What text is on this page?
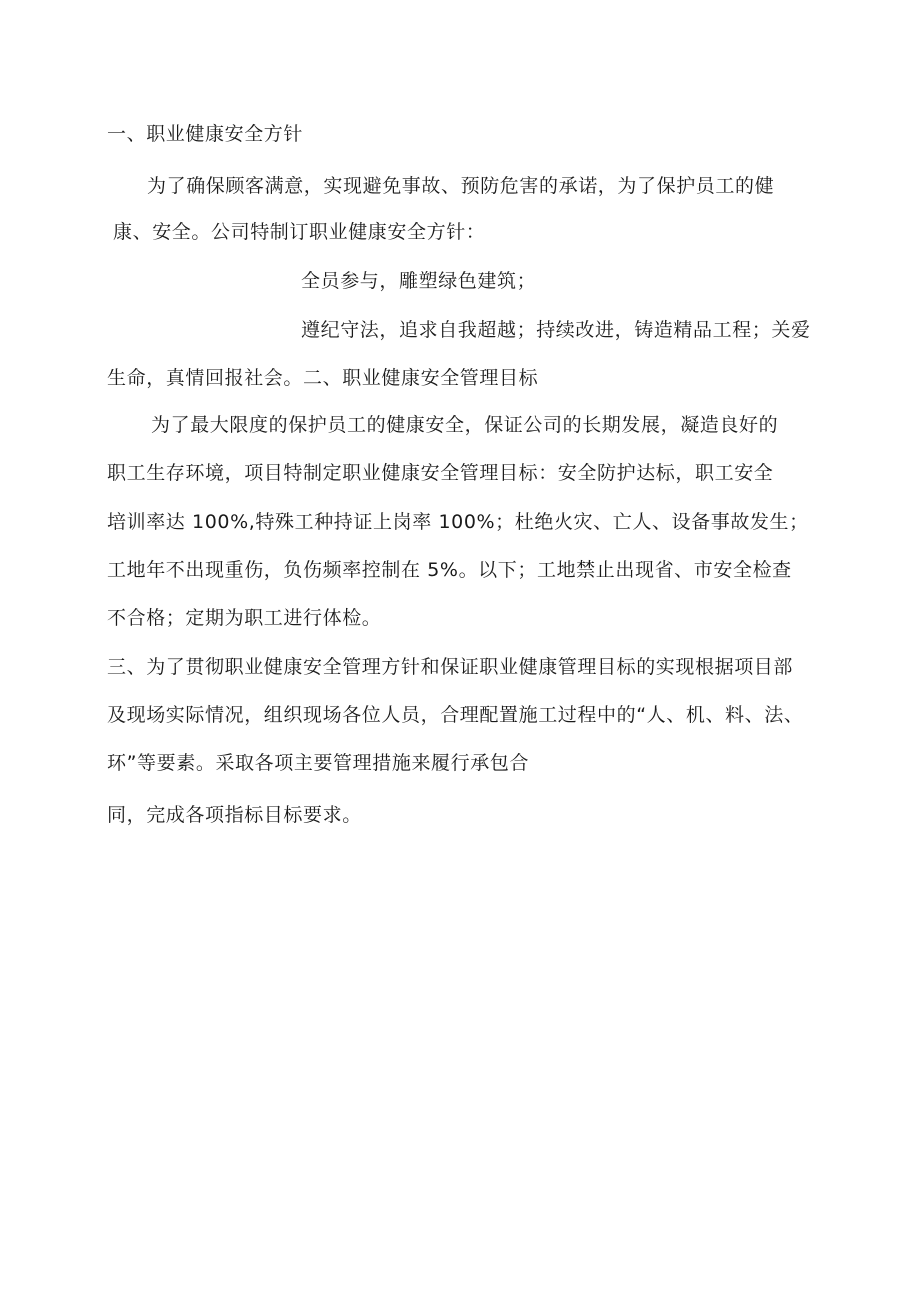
一、职业健康安全方针
为了确保顾客满意，实现避免事故、预防危害的承诺，为了保护员工的健
康、安全。公司特制订职业健康安全方针：
全员参与，雕塑绿色建筑；
遵纪守法，追求自我超越；持续改进，铸造精品工程；关爱
生命，真情回报社会。二、职业健康安全管理目标
为了最大限度的保护员工的健康安全，保证公司的长期发展，凝造良好的
职工生存环境，项目特制定职业健康安全管理目标：安全防护达标，职工安全
培训率达 100%,特殊工种持证上岗率 100%；杜绝火灾、亡人、设备事故发生；
工地年不出现重伤，负伤频率控制在 5%。以下；工地禁止出现省、市安全检查
不合格；定期为职工进行体检。
三、为了贯彻职业健康安全管理方针和保证职业健康管理目标的实现根据项目部
及现场实际情况，组织现场各位人员，合理配置施工过程中的“人、机、料、法、
环”等要素。采取各项主要管理措施来履行承包合
同，完成各项指标目标要求。
